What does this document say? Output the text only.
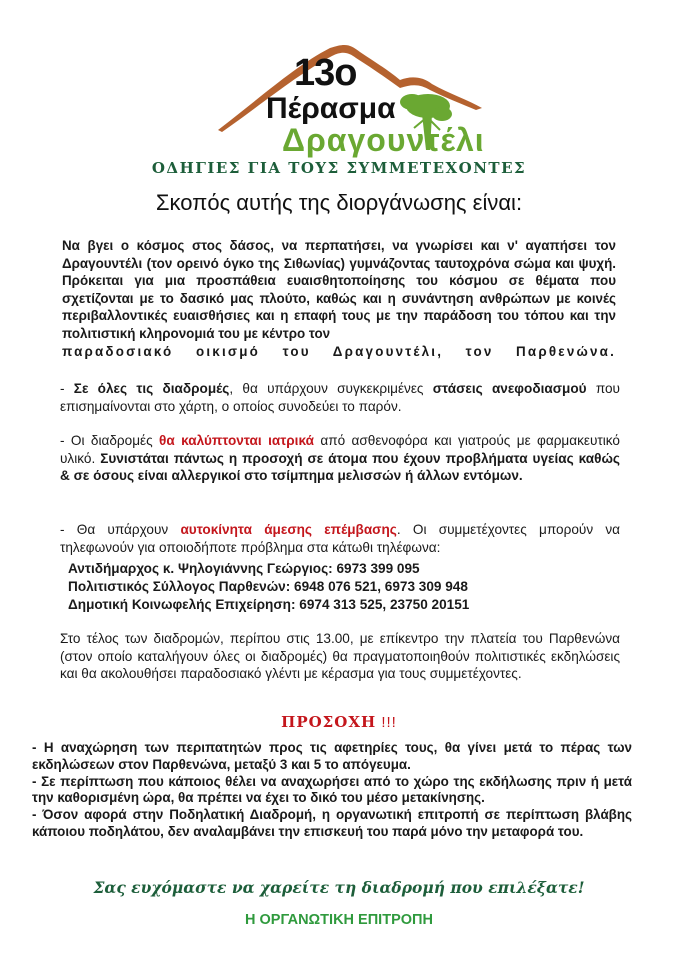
13ο
Πέρασμα
Δραγουντέλι
ΟΔΗΓΙΕΣ ΓΙΑ ΤΟΥΣ ΣΥΜΜΕΤΕΧΟΝΤΕΣ
Σκοπός αυτής της διοργάνωσης είναι:
Να βγει ο κόσμος στος δάσος, να περπατήσει, να γνωρίσει και ν' αγαπήσει τον Δραγουντέλι (τον ορεινό όγκο της Σιθωνίας) γυμνάζοντας ταυτοχρόνα σώμα και ψυχή. Πρόκειται για μια προσπάθεια ευαισθητοποίησης του κόσμου σε θέματα που σχετίζονται με το δασικό μας πλούτο, καθώς και η συνάντηση ανθρώπων με κοινές περιβαλλοντικές ευαισθήσιες και η επαφή τους με την παράδοση του τόπου και την πολιτιστική κληρονομιά του με κέντρο τον
παραδοσιακό οικισμό του Δραγουντέλι, τον Παρθενώνα.
- Σε όλες τις διαδρομές, θα υπάρχουν συγκεκριμένες στάσεις ανεφοδιασμού που επισημαίνονται στο χάρτη, ο οποίος συνοδεύει το παρόν.
- Οι διαδρομές θα καλύπτονται ιατρικά από ασθενοφόρα και γιατρούς με φαρμακευτικό υλικό. Συνιστάται πάντως η προσοχή σε άτομα που έχουν προβλήματα υγείας καθώς & σε όσους είναι αλλεργικοί στο τσίμπημα μελισσών ή άλλων εντόμων.
- Θα υπάρχουν αυτοκίνητα άμεσης επέμβασης. Οι συμμετέχοντες μπορούν να τηλεφωνούν για οποιοδήποτε πρόβλημα στα κάτωθι τηλέφωνα:

Αντιδήμαρχος κ. Ψηλογιάννης Γεώργιος: 6973 399 095

Πολιτιστικός Σύλλογος Παρθενών: 6948 076 521, 6973 309 948

Δημοτική Κοινωφελής Επιχείρηση: 6974 313 525, 23750 20151

Στο τέλος των διαδρομών, περίπου στις 13.00, με επίκεντρο την πλατεία του Παρθενώνα (στον οποίο καταλήγουν όλες οι διαδρομές) θα πραγματοποιηθούν πολιτιστικές εκδηλώσεις και θα ακολουθήσει παραδοσιακό γλέντι με κέρασμα για τους συμμετέχοντες.
ΠΡΟΣΟΧΗ !!!

- Η αναχώρηση των περιπατητών προς τις αφετηρίες τους, θα γίνει μετά το πέρας των εκδηλώσεων στον Παρθενώνα, μεταξύ 3 και 5 το απόγευμα.

- Σε περίπτωση που κάποιος θέλει να αναχωρήσει από το χώρο της εκδήλωσης πριν ή μετά την καθορισμένη ώρα, θα πρέπει να έχει το δικό του μέσο μετακίνησης.

- Όσον αφορά στην Ποδηλατική Διαδρομή, η οργανωτική επιτροπή σε περίπτωση βλάβης κάποιου ποδηλάτου, δεν αναλαμβάνει την επισκευή του παρά μόνο την μεταφορά του.

Σας ευχόμαστε να χαρείτε τη διαδρομή που επιλέξατε!
Η ΟΡΓΑΝΩΤΙΚΗ ΕΠΙΤΡΟΠΗ
